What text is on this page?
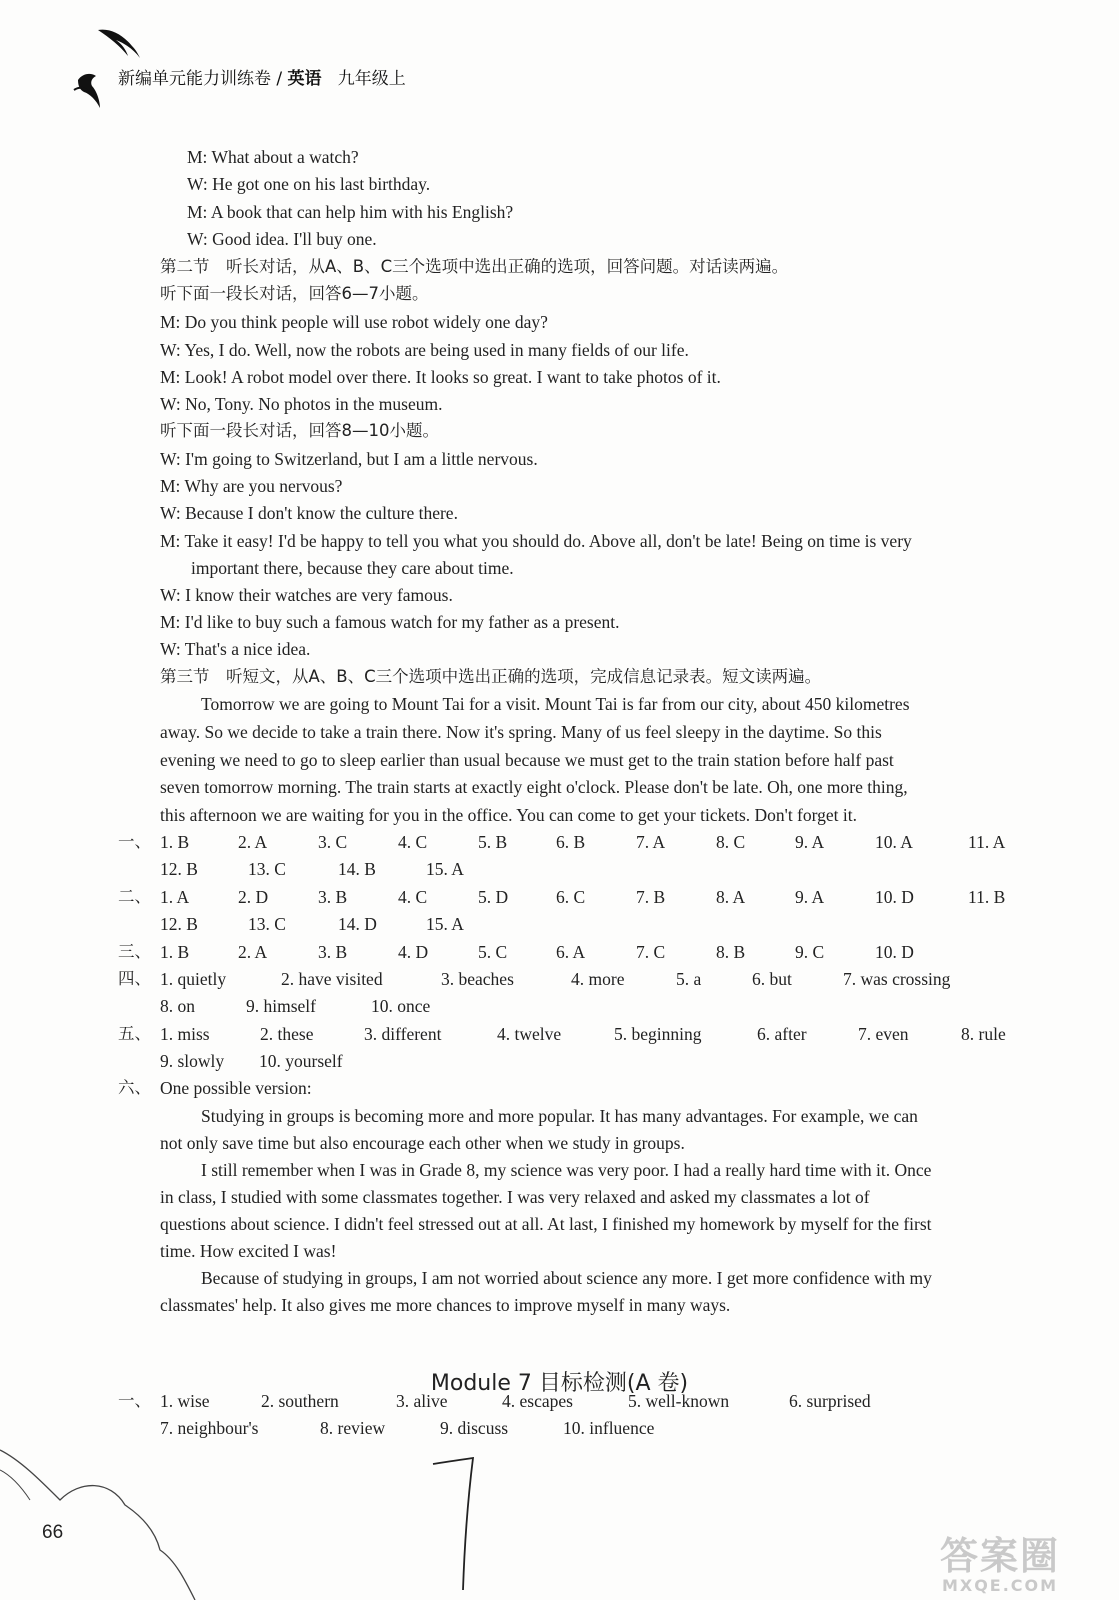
新编单元能力训练卷 / 英语 九年级上
M: What about a watch?
W: He got one on his last birthday.
M: A book that can help him with his English?
W: Good idea. I'll buy one.
第二节　听长对话，从A、B、C三个选项中选出正确的选项，回答问题。对话读两遍。
听下面一段长对话，回答6—7小题。
M: Do you think people will use robot widely one day?
W: Yes, I do. Well, now the robots are being used in many fields of our life.
M: Look! A robot model over there. It looks so great. I want to take photos of it.
W: No, Tony. No photos in the museum.
听下面一段长对话，回答8—10小题。
W: I'm going to Switzerland, but I am a little nervous.
M: Why are you nervous?
W: Because I don't know the culture there.
M: Take it easy! I'd be happy to tell you what you should do. Above all, don't be late! Being on time is very
important there, because they care about time.
W: I know their watches are very famous.
M: I'd like to buy such a famous watch for my father as a present.
W: That's a nice idea.
第三节　听短文，从A、B、C三个选项中选出正确的选项，完成信息记录表。短文读两遍。
Tomorrow we are going to Mount Tai for a visit. Mount Tai is far from our city, about 450 kilometres
away. So we decide to take a train there. Now it's spring. Many of us feel sleepy in the daytime. So this
evening we need to go to sleep earlier than usual because we must get to the train station before half past
seven tomorrow morning. The train starts at exactly eight o'clock. Please don't be late. Oh, one more thing,
this afternoon we are waiting for you in the office. You can come to get your tickets. Don't forget it.
一、 1. B	2. A	3. C	4. C	5. B	6. B	7. A	8. C	9. A	10. A	11. A
12. B	13. C	14. B	15. A
二、 1. A	2. D	3. B	4. C	5. D	6. C	7. B	8. A	9. A	10. D	11. B
12. B	13. C	14. D	15. A
三、 1. B	2. A	3. B	4. D	5. C	6. A	7. C	8. B	9. C	10. D
四、 1. quietly	2. have visited	3. beaches	4. more	5. a	6. but	7. was crossing
8. on	9. himself	10. once
五、 1. miss	2. these	3. different	4. twelve	5. beginning	6. after	7. even	8. rule
9. slowly 10. yourself
六、 One possible version:
Studying in groups is becoming more and more popular. It has many advantages. For example, we can
not only save time but also encourage each other when we study in groups.
I still remember when I was in Grade 8, my science was very poor. I had a really hard time with it. Once
in class, I studied with some classmates together. I was very relaxed and asked my classmates a lot of
questions about science. I didn't feel stressed out at all. At last, I finished my homework by myself for the first
time. How excited I was!
Because of studying in groups, I am not worried about science any more. I get more confidence with my
classmates' help. It also gives me more chances to improve myself in many ways.
Module 7 目标检测(A 卷)
一、 1. wise	2. southern	3. alive	4. escapes	5. well-known	6. surprised
7. neighbour's	8. review	9. discuss	10. influence
66
答案圈
MXQE.COM
